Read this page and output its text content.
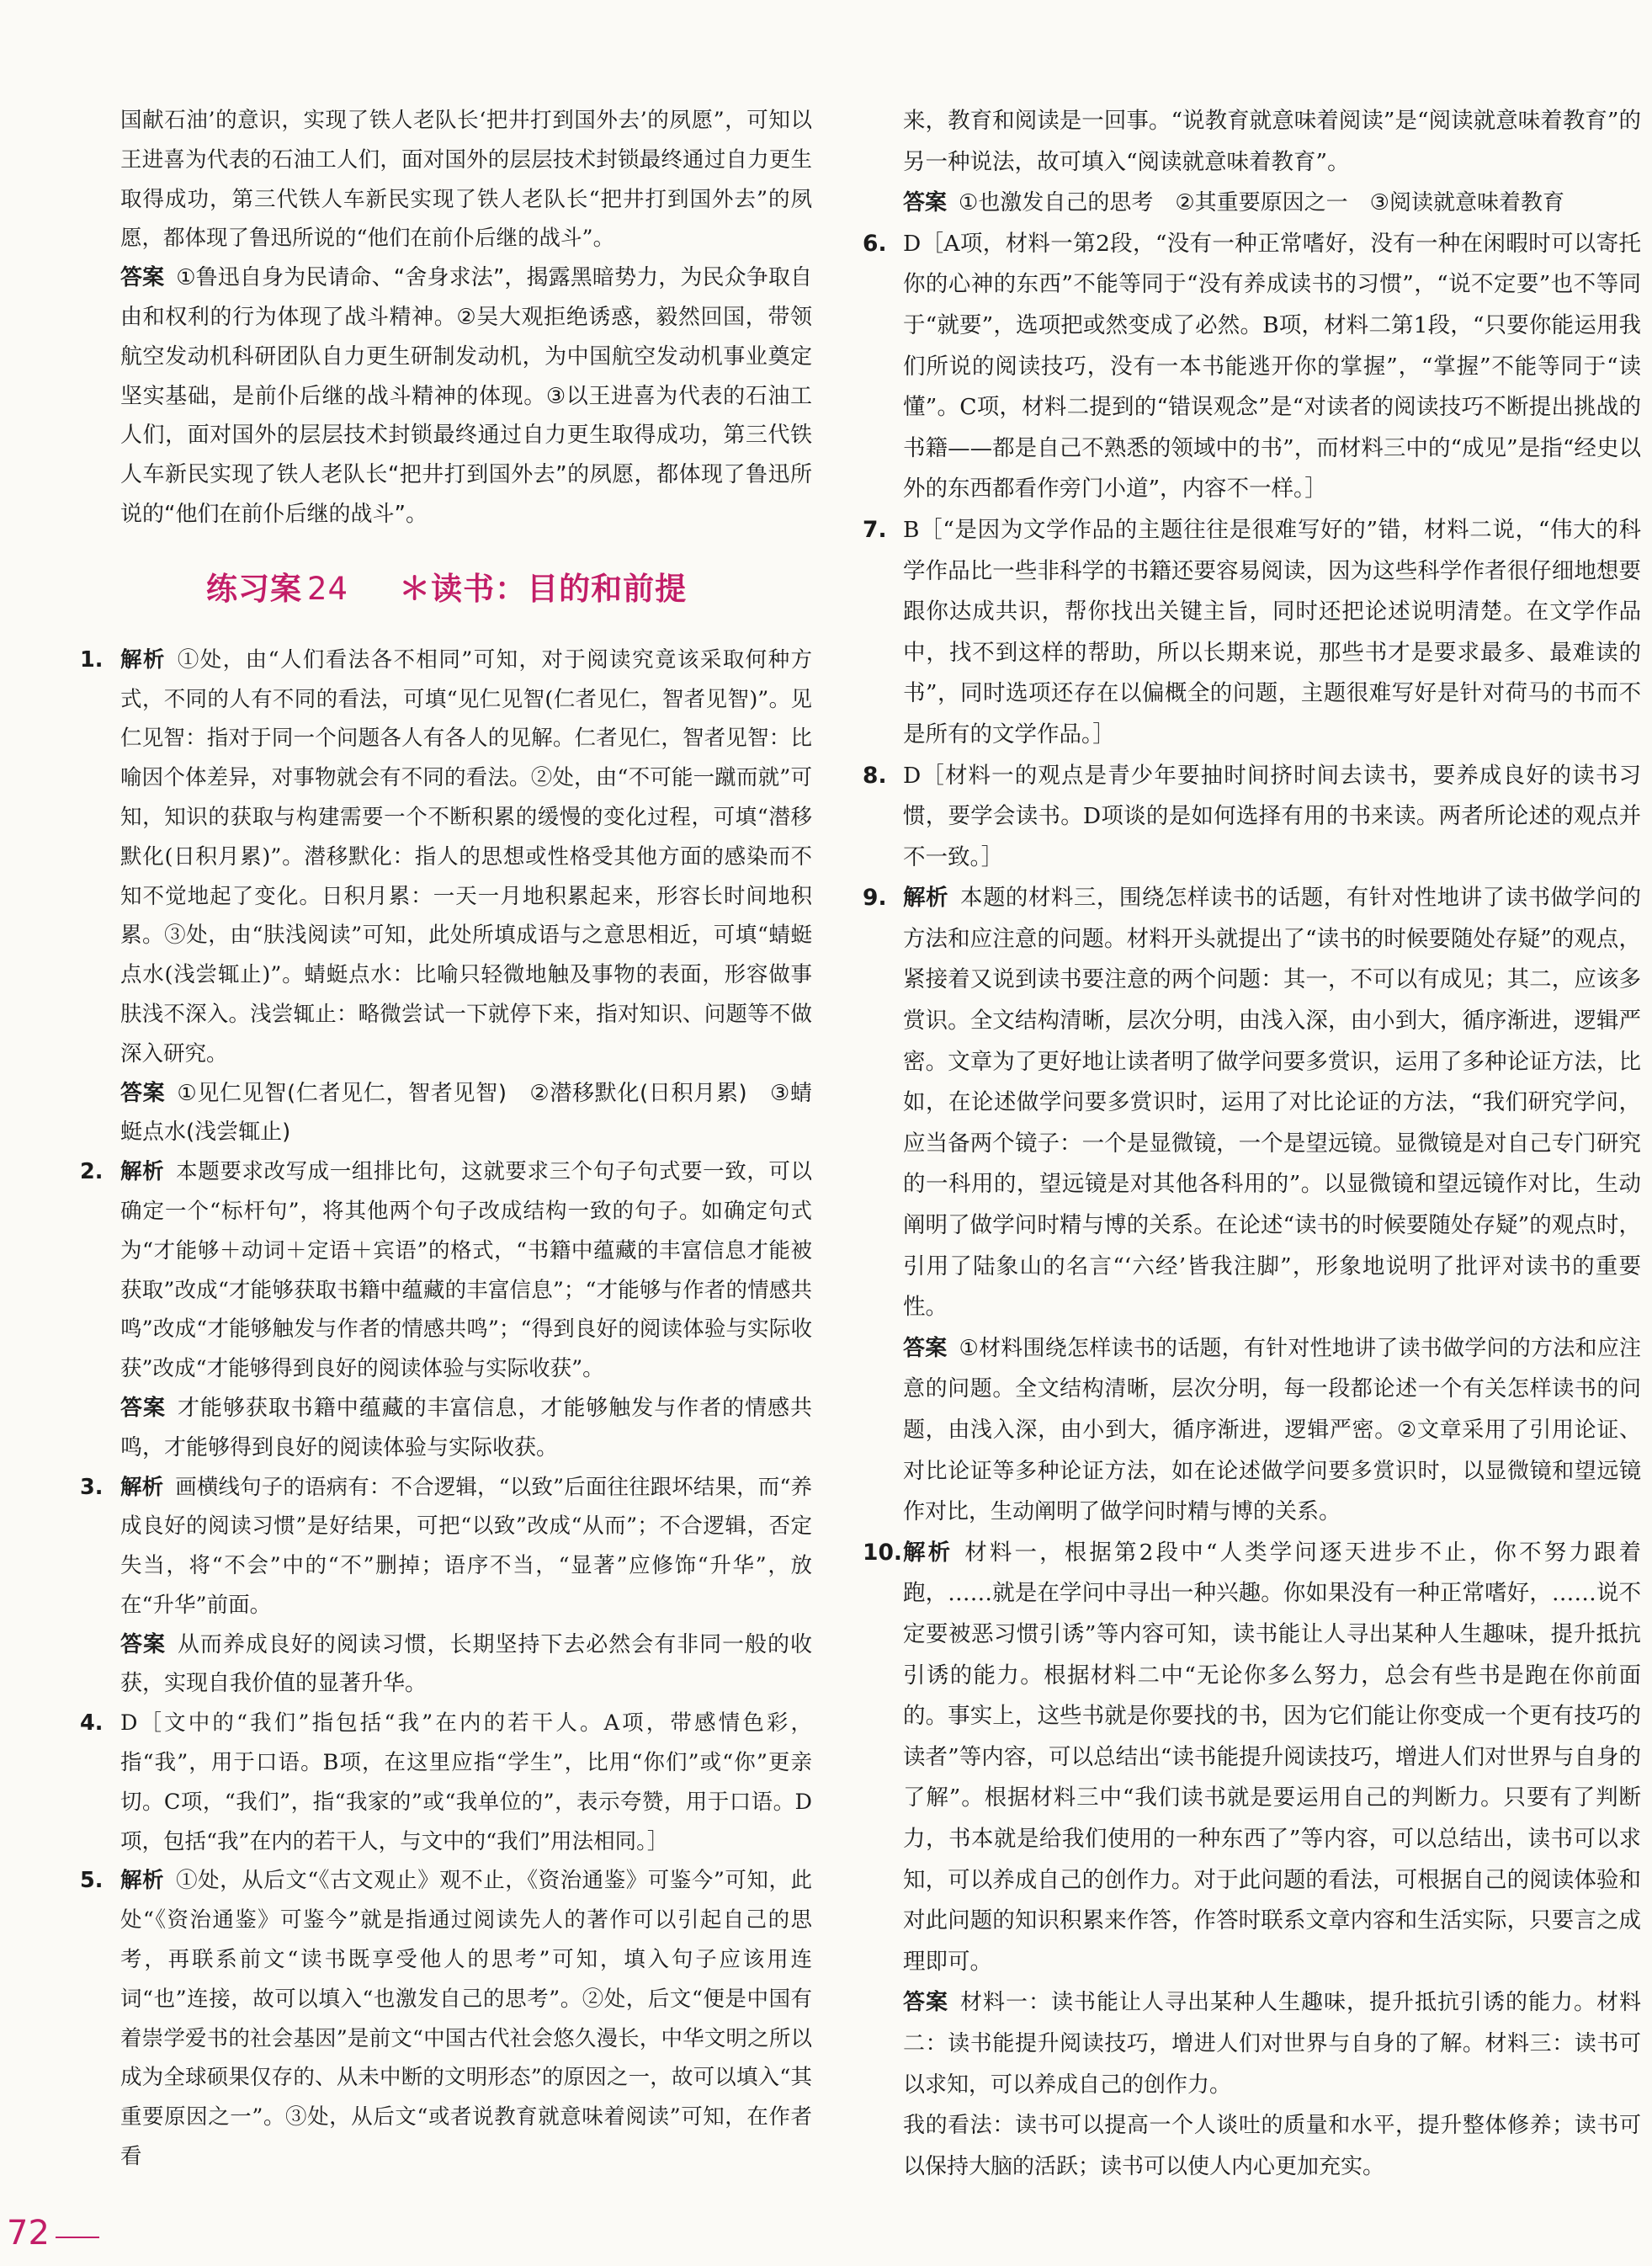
国献石油’的意识，实现了铁人老队长‘把井打到国外去’的夙愿”，可知以王进喜为代表的石油工人们，面对国外的层层技术封锁最终通过自力更生取得成功，第三代铁人车新民实现了铁人老队长“把井打到国外去”的夙愿，都体现了鲁迅所说的“他们在前仆后继的战斗”。

答案 ①鲁迅自身为民请命、“舍身求法”，揭露黑暗势力，为民众争取自由和权利的行为体现了战斗精神。②吴大观拒绝诱惑，毅然回国，带领航空发动机科研团队自力更生研制发动机，为中国航空发动机事业奠定坚实基础，是前仆后继的战斗精神的体现。③以王进喜为代表的石油工人们，面对国外的层层技术封锁最终通过自力更生取得成功，第三代铁人车新民实现了铁人老队长“把井打到国外去”的夙愿，都体现了鲁迅所说的“他们在前仆后继的战斗”。

练习案 24 ＊读书：目的和前提
1. 解析 ①处，由“人们看法各不相同”可知，对于阅读究竟该采取何种方式，不同的人有不同的看法，可填“见仁见智(仁者见仁，智者见智)”。见仁见智：指对于同一个问题各人有各人的见解。仁者见仁，智者见智：比喻因个体差异，对事物就会有不同的看法。②处，由“不可能一蹴而就”可知，知识的获取与构建需要一个不断积累的缓慢的变化过程，可填“潜移默化(日积月累)”。潜移默化：指人的思想或性格受其他方面的感染而不知不觉地起了变化。日积月累：一天一月地积累起来，形容长时间地积累。③处，由“肤浅阅读”可知，此处所填成语与之意思相近，可填“蜻蜓点水(浅尝辄止)”。蜻蜓点水：比喻只轻微地触及事物的表面，形容做事肤浅不深入。浅尝辄止：略微尝试一下就停下来，指对知识、问题等不做深入研究。

答案 ①见仁见智(仁者见仁，智者见智)　②潜移默化(日积月累)　③蜻蜓点水(浅尝辄止)

2. 解析 本题要求改写成一组排比句，这就要求三个句子句式要一致，可以确定一个“标杆句”，将其他两个句子改成结构一致的句子。如确定句式为“才能够＋动词＋定语＋宾语”的格式，“书籍中蕴藏的丰富信息才能被获取”改成“才能够获取书籍中蕴藏的丰富信息”；“才能够与作者的情感共鸣”改成“才能够触发与作者的情感共鸣”；“得到良好的阅读体验与实际收获”改成“才能够得到良好的阅读体验与实际收获”。

答案 才能够获取书籍中蕴藏的丰富信息，才能够触发与作者的情感共鸣，才能够得到良好的阅读体验与实际收获。

3. 解析 画横线句子的语病有：不合逻辑，“以致”后面往往跟坏结果，而“养成良好的阅读习惯”是好结果，可把“以致”改成“从而”；不合逻辑，否定失当，将“不会”中的“不”删掉；语序不当，“显著”应修饰“升华”，放在“升华”前面。

答案 从而养成良好的阅读习惯，长期坚持下去必然会有非同一般的收获，实现自我价值的显著升华。

4. D［文中的“我们”指包括“我”在内的若干人。A项，带感情色彩，指“我”，用于口语。B项，在这里应指“学生”，比用“你们”或“你”更亲切。C项，“我们”，指“我家的”或“我单位的”，表示夸赞，用于口语。D项，包括“我”在内的若干人，与文中的“我们”用法相同。］

5. 解析 ①处，从后文“《古文观止》观不止，《资治通鉴》可鉴今”可知，此处“《资治通鉴》可鉴今”就是指通过阅读先人的著作可以引起自己的思考，再联系前文“读书既享受他人的思考”可知，填入句子应该用连词“也”连接，故可以填入“也激发自己的思考”。②处，后文“便是中国有着崇学爱书的社会基因”是前文“中国古代社会悠久漫长，中华文明之所以成为全球硕果仅存的、从未中断的文明形态”的原因之一，故可以填入“其重要原因之一”。③处，从后文“或者说教育就意味着阅读”可知，在作者看

来，教育和阅读是一回事。“说教育就意味着阅读”是“阅读就意味着教育”的另一种说法，故可填入“阅读就意味着教育”。

答案 ①也激发自己的思考　②其重要原因之一　③阅读就意味着教育

6. D［A项，材料一第2段，“没有一种正常嗜好，没有一种在闲暇时可以寄托你的心神的东西”不能等同于“没有养成读书的习惯”，“说不定要”也不等同于“就要”，选项把或然变成了必然。B项，材料二第1段，“只要你能运用我们所说的阅读技巧，没有一本书能逃开你的掌握”，“掌握”不能等同于“读懂”。C项，材料二提到的“错误观念”是“对读者的阅读技巧不断提出挑战的书籍——都是自己不熟悉的领域中的书”，而材料三中的“成见”是指“经史以外的东西都看作旁门小道”，内容不一样。］

7. B［“是因为文学作品的主题往往是很难写好的”错，材料二说，“伟大的科学作品比一些非科学的书籍还要容易阅读，因为这些科学作者很仔细地想要跟你达成共识，帮你找出关键主旨，同时还把论述说明清楚。在文学作品中，找不到这样的帮助，所以长期来说，那些书才是要求最多、最难读的书”，同时选项还存在以偏概全的问题，主题很难写好是针对荷马的书而不是所有的文学作品。］

8. D［材料一的观点是青少年要抽时间挤时间去读书，要养成良好的读书习惯，要学会读书。D项谈的是如何选择有用的书来读。两者所论述的观点并不一致。］

9. 解析 本题的材料三，围绕怎样读书的话题，有针对性地讲了读书做学问的方法和应注意的问题。材料开头就提出了“读书的时候要随处存疑”的观点，紧接着又说到读书要注意的两个问题：其一，不可以有成见；其二，应该多赏识。全文结构清晰，层次分明，由浅入深，由小到大，循序渐进，逻辑严密。文章为了更好地让读者明了做学问要多赏识，运用了多种论证方法，比如，在论述做学问要多赏识时，运用了对比论证的方法，“我们研究学问，应当备两个镜子：一个是显微镜，一个是望远镜。显微镜是对自己专门研究的一科用的，望远镜是对其他各科用的”。以显微镜和望远镜作对比，生动阐明了做学问时精与博的关系。在论述“读书的时候要随处存疑”的观点时，引用了陆象山的名言“‘六经’皆我注脚”，形象地说明了批评对读书的重要性。

答案 ①材料围绕怎样读书的话题，有针对性地讲了读书做学问的方法和应注意的问题。全文结构清晰，层次分明，每一段都论述一个有关怎样读书的问题，由浅入深，由小到大，循序渐进，逻辑严密。②文章采用了引用论证、对比论证等多种论证方法，如在论述做学问要多赏识时，以显微镜和望远镜作对比，生动阐明了做学问时精与博的关系。

10. 解析 材料一，根据第2段中“人类学问逐天进步不止，你不努力跟着跑，……就是在学问中寻出一种兴趣。你如果没有一种正常嗜好，……说不定要被恶习惯引诱”等内容可知，读书能让人寻出某种人生趣味，提升抵抗引诱的能力。根据材料二中“无论你多么努力，总会有些书是跑在你前面的。事实上，这些书就是你要找的书，因为它们能让你变成一个更有技巧的读者”等内容，可以总结出“读书能提升阅读技巧，增进人们对世界与自身的了解”。根据材料三中“我们读书就是要运用自己的判断力。只要有了判断力，书本就是给我们使用的一种东西了”等内容，可以总结出，读书可以求知，可以养成自己的创作力。对于此问题的看法，可根据自己的阅读体验和对此问题的知识积累来作答，作答时联系文章内容和生活实际，只要言之成理即可。

答案 材料一：读书能让人寻出某种人生趣味，提升抵抗引诱的能力。材料二：读书能提升阅读技巧，增进人们对世界与自身的了解。材料三：读书可以求知，可以养成自己的创作力。

我的看法：读书可以提高一个人谈吐的质量和水平，提升整体修养；读书可以保持大脑的活跃；读书可以使人内心更加充实。

72
